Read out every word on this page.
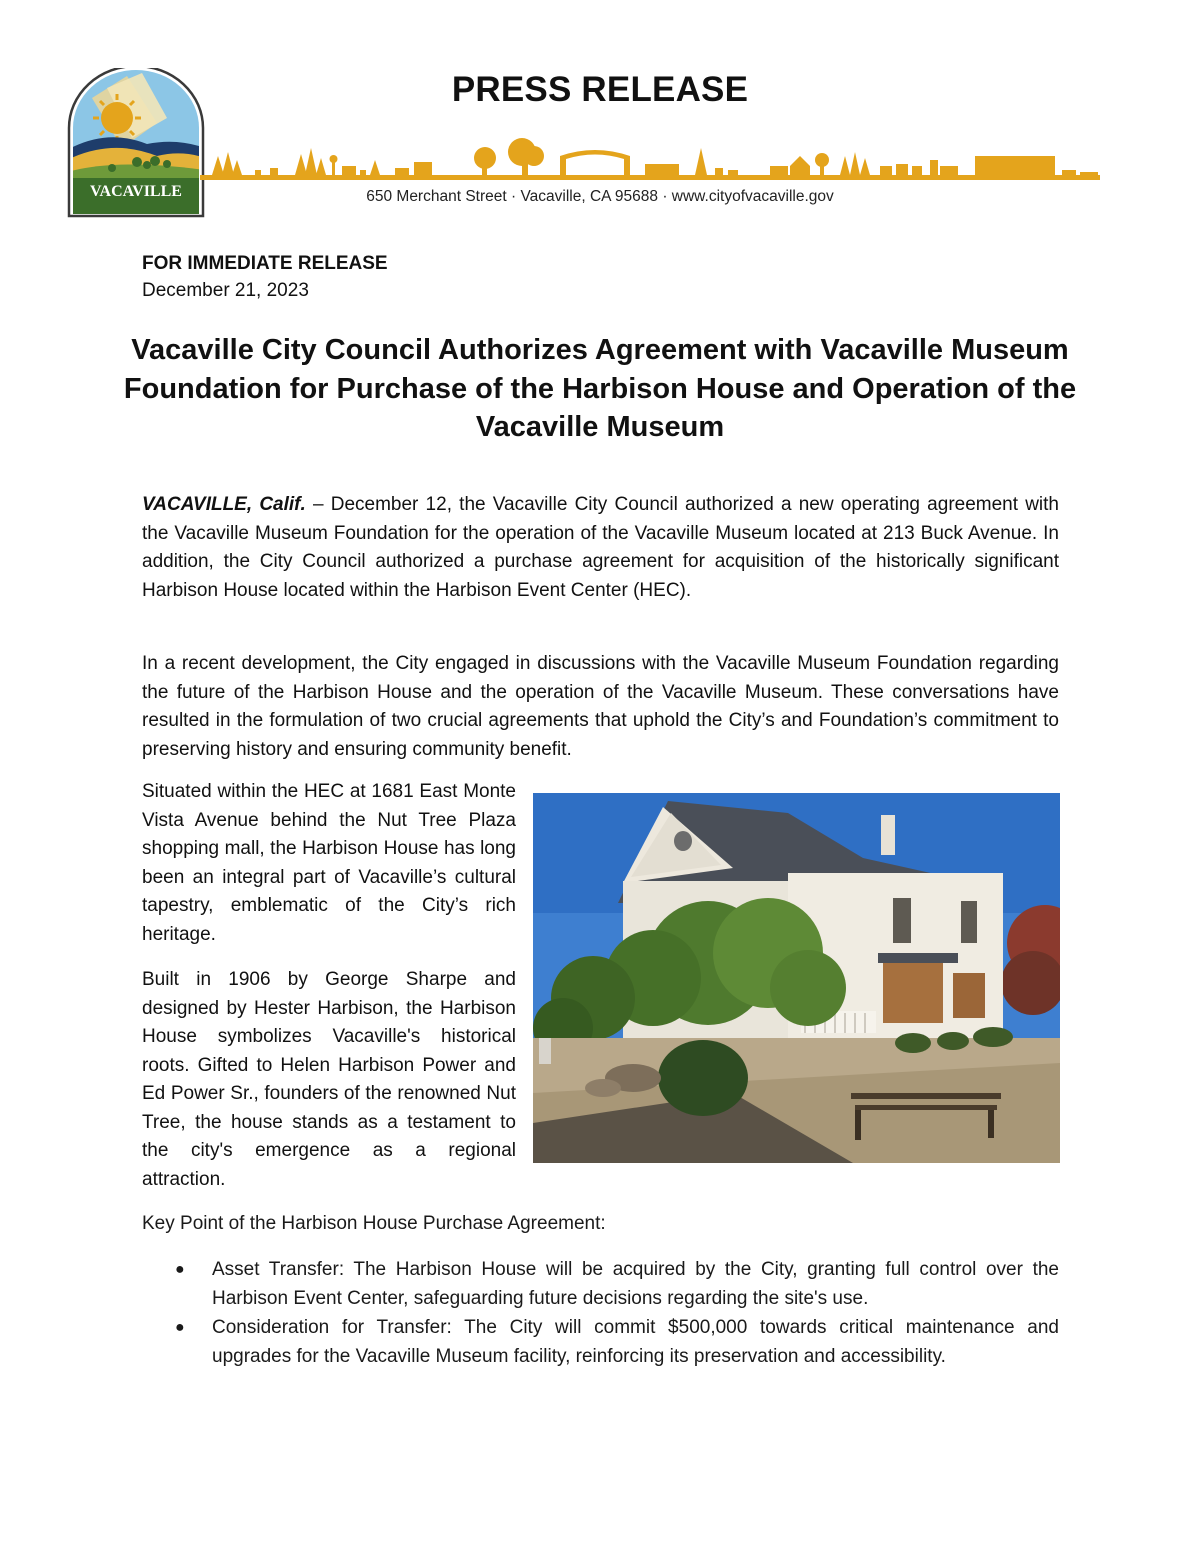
VACAVILLE
PRESS RELEASE
650 Merchant Street · Vacaville, CA 95688 · www.cityofvacaville.gov
FOR IMMEDIATE RELEASE
December 21, 2023
Vacaville City Council Authorizes Agreement with Vacaville Museum Foundation for Purchase of the Harbison House and Operation of the Vacaville Museum

VACAVILLE, Calif. – December 12, the Vacaville City Council authorized a new operating agreement with the Vacaville Museum Foundation for the operation of the Vacaville Museum located at 213 Buck Avenue. In addition, the City Council authorized a purchase agreement for acquisition of the historically significant Harbison House located within the Harbison Event Center (HEC).

In a recent development, the City engaged in discussions with the Vacaville Museum Foundation regarding the future of the Harbison House and the operation of the Vacaville Museum. These conversations have resulted in the formulation of two crucial agreements that uphold the City’s and Foundation’s commitment to preserving history and ensuring community benefit.

Situated within the HEC at 1681 East Monte Vista Avenue behind the Nut Tree Plaza shopping mall, the Harbison House has long been an integral part of Vacaville’s cultural tapestry, emblematic of the City’s rich heritage.

Built in 1906 by George Sharpe and designed by Hester Harbison, the Harbison House symbolizes Vacaville's historical roots. Gifted to Helen Harbison Power and Ed Power Sr., founders of the renowned Nut Tree, the house stands as a testament to the city's emergence as a regional attraction.

Key Point of the Harbison House Purchase Agreement:

● Asset Transfer: The Harbison House will be acquired by the City, granting full control over the Harbison Event Center, safeguarding future decisions regarding the site's use.
● Consideration for Transfer: The City will commit $500,000 towards critical maintenance and upgrades for the Vacaville Museum facility, reinforcing its preservation and accessibility.
